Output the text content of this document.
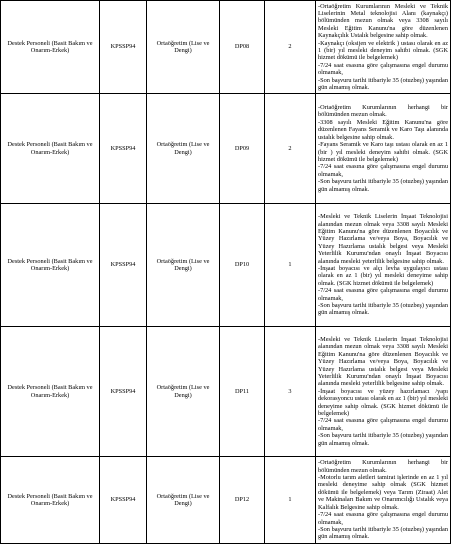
Destek Personeli (Basit Bakım ve Onarım-Erkek)	KPSSP94	Ortaöğretim (Lise ve Dengi)	DP08	2	-Ortaöğretim Kurumlarının Mesleki ve Teknik Liselerinin Metal teknolojisi Alanı (kaynakçı) bölümünden mezun olmak veya 3308 sayılı Mesleki Eğitim Kanunu'na göre düzenlenen Kaynakçılık Ustalık belgesine sahip olmak.
-Kaynakçı (oksijen ve elektrik ) ustası olarak en az 1 (bir) yıl mesleki deneyim sahibi olmak. (SGK hizmet dökümü ile belgelemek)
-7/24 saat esasına göre çalışmasına engel durumu olmamak,
-Son başvuru tarihi itibariyle 35 (otuzbeş) yaşından gün almamış olmak.

Destek Personeli (Basit Bakım ve Onarım-Erkek)	KPSSP94	Ortaöğretim (Lise ve Dengi)	DP09	2	-Ortaöğretim Kurumlarının herhangi bir bölümünden mezun olmak.
-3308 sayılı Mesleki Eğitim Kanunu'na göre düzenlenen Fayans Seramik ve Karo Taşı alanında ustalık belgesine sahip olmak.
-Fayans Seramik ve Karo taşı ustası olarak en az 1 (bir ) yıl mesleki deneyim sahibi olmak. (SGK hizmet dökümü ile belgelemek)
-7/24 saat esasına göre çalışmasına engel durumu olmamak,
-Son başvuru tarihi itibariyle 35 (otuzbeş) yaşından gün almamış olmak.

Destek Personeli (Basit Bakım ve Onarım-Erkek)	KPSSP94	Ortaöğretim (Lise ve Dengi)	DP10	1	-Mesleki ve Teknik Liselerin İnşaat Teknolojisi alanından mezun olmak veya 3308 sayılı Mesleki Eğitim Kanunu'na göre düzenlenen Boyacılık ve Yüzey Hazırlama ve/veya Boya, Boyacılık ve Yüzey Hazırlama ustalık belgesi veya Mesleki Yeterlilik Kurumu'ndan onaylı İnşaat Boyacısı alanında mesleki yeterlilik belgesine sahip olmak.
-İnşaat boyacısı ve alçı levha uygulayıcı ustası olarak en az 1 (bir) yıl mesleki deneyime sahip olmak. (SGK hizmet dökümü ile belgelemek)
-7/24 saat esasına göre çalışmasına engel durumu olmamak,
-Son başvuru tarihi itibariyle 35 (otuzbeş) yaşından gün almamış olmak.

Destek Personeli (Basit Bakım ve Onarım-Erkek)	KPSSP94	Ortaöğretim (Lise ve Dengi)	DP11	3	-Mesleki ve Teknik Liselerin İnşaat Teknolojisi alanından mezun olmak veya 3308 sayılı Mesleki Eğitim Kanunu'na göre düzenlenen Boyacılık ve Yüzey Hazırlama ve/veya Boya, Boyacılık ve Yüzey Hazırlama ustalık belgesi veya Mesleki Yeterlilik Kurumu'ndan onaylı İnşaat Boyacısı alanında mesleki yeterlilik belgesine sahip olmak.
-İnşaat boyacısı ve yüzey hazırlamacı /yapı dekorasyoncu ustası olarak en az 1 (bir) yıl mesleki deneyime sahip olmak. (SGK hizmet dökümü ile belgelemek)
-7/24 saat esasına göre çalışmasına engel durumu olmamak,
-Son başvuru tarihi itibariyle 35 (otuzbeş) yaşından gün almamış olmak.

Destek Personeli (Basit Bakım ve Onarım-Erkek)	KPSSP94	Ortaöğretim (Lise ve Dengi)	DP12	1	-Ortaöğretim Kurumlarının herhangi bir bölümünden mezun olmak.
-Motorlu tarım aletleri tamirat işlerinde en az 1 yıl mesleki deneyime sahip olmak (SGK hizmet dökümü ile belgelemek) veya Tarım (Ziraat) Alet ve Makinaları Bakım ve Onarımcılığı Ustalık veya Kalfalık Belgesine sahip olmak.
-7/24 saat esasına göre çalışmasına engel durumu olmamak,
-Son başvuru tarihi itibariyle 35 (otuzbeş) yaşından gün almamış olmak.
